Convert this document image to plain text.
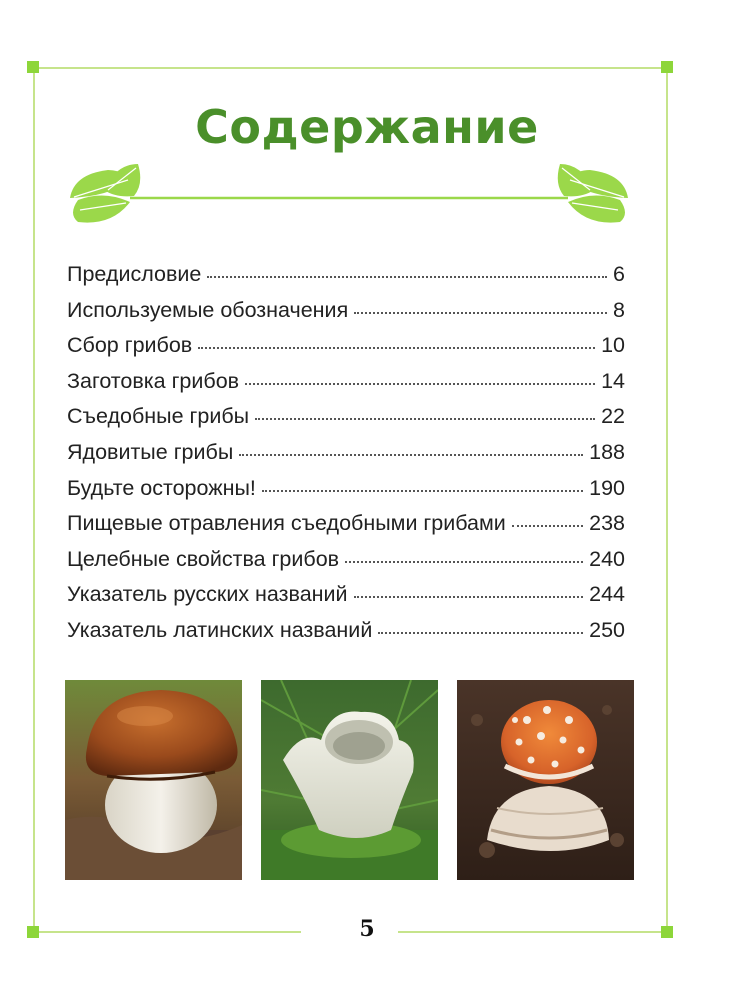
Содержание
Предисловие	6
Используемые обозначения	8
Сбор грибов	10
Заготовка грибов	14
Съедобные грибы	22
Ядовитые грибы	188
Будьте осторожны!	190
Пищевые отравления съедобными грибами	238
Целебные свойства грибов	240
Указатель русских названий	244
Указатель латинских названий	250
5
